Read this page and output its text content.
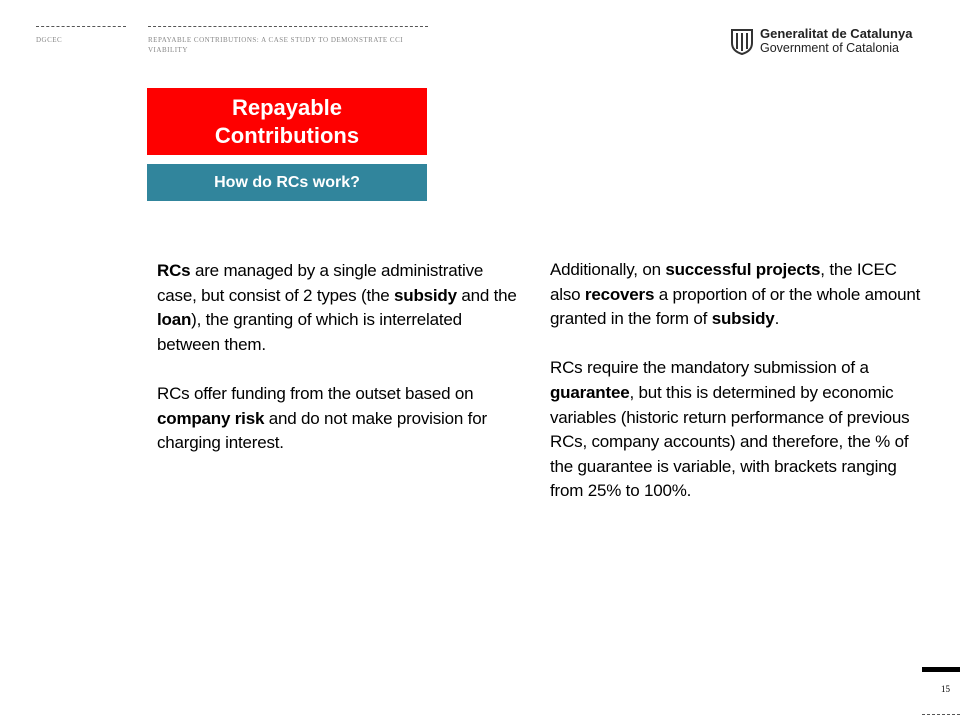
DGCEC	REPAYABLE CONTRIBUTIONS: A CASE STUDY TO DEMONSTRATE CCI VIABILITY
Generalitat de Catalunya
Government of Catalonia
Repayable Contributions
How do RCs work?

RCs are managed by a single administrative case, but consist of 2 types (the subsidy and the loan), the granting of which is interrelated between them.

RCs offer funding from the outset based on company risk and do not make provision for charging interest.

Additionally, on successful projects, the ICEC also recovers a proportion of or the whole amount granted in the form of subsidy.

RCs require the mandatory submission of a guarantee, but this is determined by economic variables (historic return performance of previous RCs, company accounts) and therefore, the % of the guarantee is variable, with brackets ranging from 25% to 100%.

15
